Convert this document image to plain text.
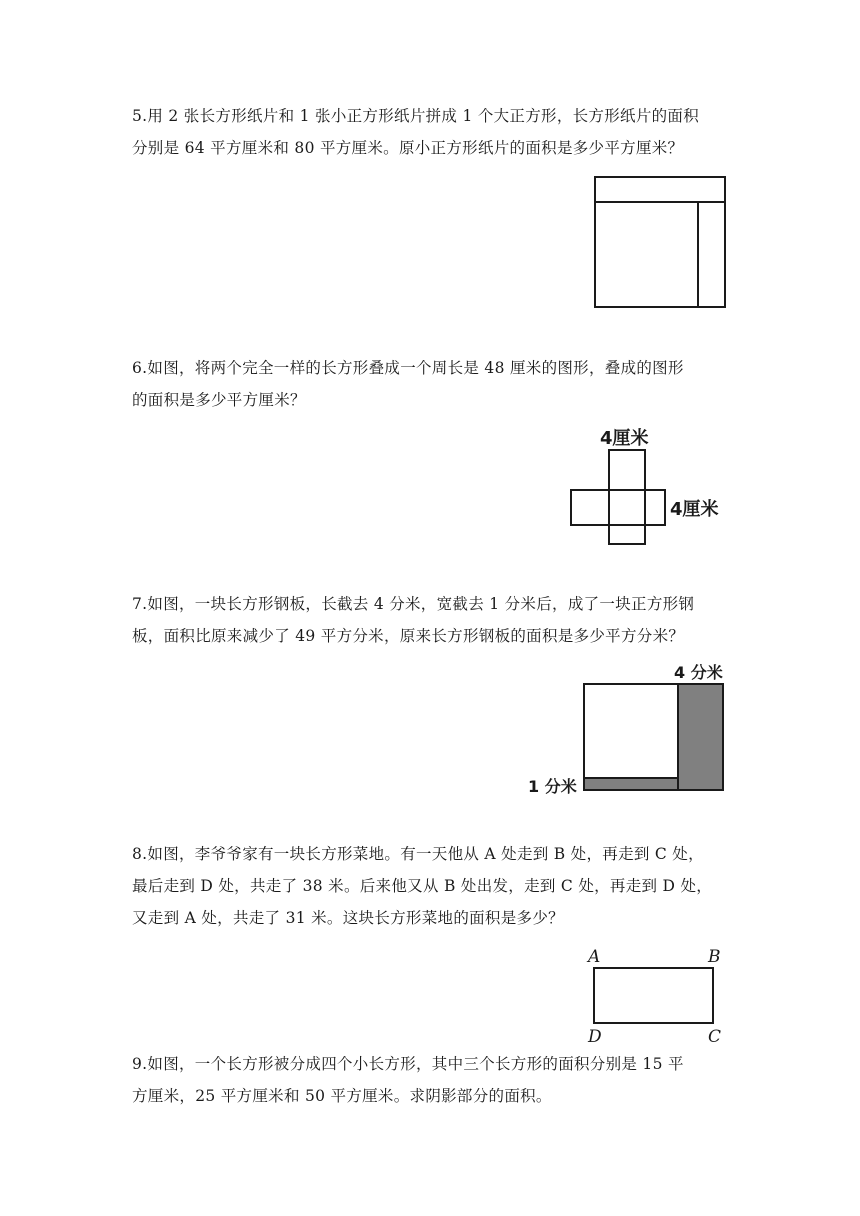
5.用 2 张长方形纸片和 1 张小正方形纸片拼成 1 个大正方形，长方形纸片的面积
分别是 64 平方厘米和 80 平方厘米。原小正方形纸片的面积是多少平方厘米？
6.如图，将两个完全一样的长方形叠成一个周长是 48 厘米的图形，叠成的图形
的面积是多少平方厘米？
4厘米
4厘米
7.如图，一块长方形钢板，长截去 4 分米，宽截去 1 分米后，成了一块正方形钢
板，面积比原来减少了 49 平方分米，原来长方形钢板的面积是多少平方分米？
4 分米
1 分米
8.如图，李爷爷家有一块长方形菜地。有一天他从 A 处走到 B 处，再走到 C 处，
最后走到 D 处，共走了 38 米。后来他又从 B 处出发，走到 C 处，再走到 D 处，
又走到 A 处，共走了 31 米。这块长方形菜地的面积是多少？
A	B
D	C
9.如图，一个长方形被分成四个小长方形，其中三个长方形的面积分别是 15 平
方厘米，25 平方厘米和 50 平方厘米。求阴影部分的面积。
